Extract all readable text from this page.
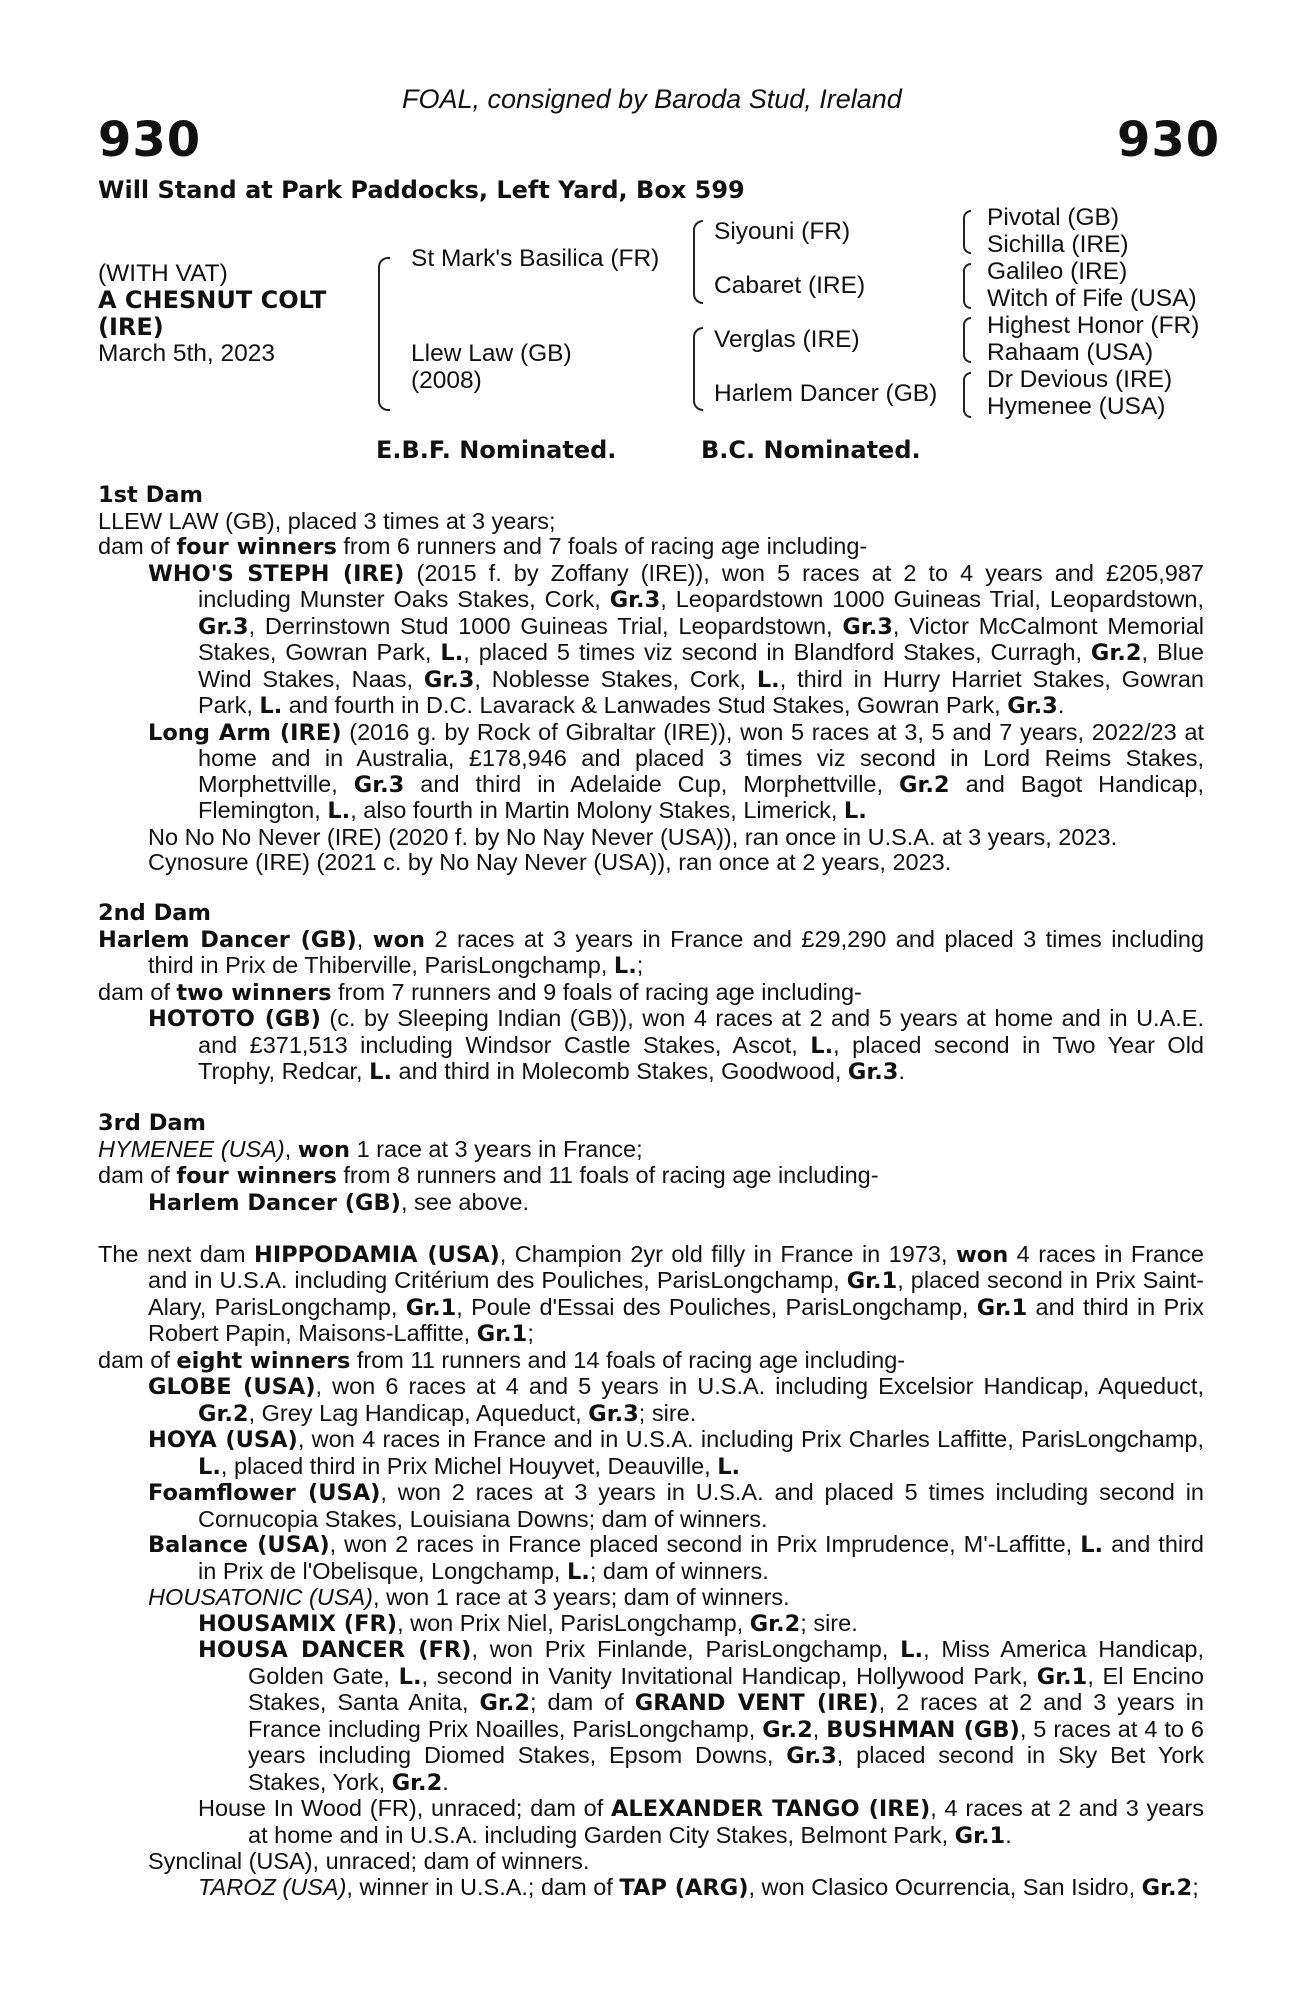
FOAL, consigned by Baroda Stud, Ireland
930	930
Will Stand at Park Paddocks, Left Yard, Box 599
(WITH VAT)
A CHESNUT COLT
(IRE)
March 5th, 2023
St Mark's Basilica (FR)
Llew Law (GB)
(2008)
Siyouni (FR)
Cabaret (IRE)
Verglas (IRE)
Harlem Dancer (GB)
Pivotal (GB)
Sichilla (IRE)
Galileo (IRE)
Witch of Fife (USA)
Highest Honor (FR)
Rahaam (USA)
Dr Devious (IRE)
Hymenee (USA)
E.B.F. Nominated.	B.C. Nominated.
1st Dam
LLEW LAW (GB), placed 3 times at 3 years;
dam of four winners from 6 runners and 7 foals of racing age including-
WHO'S STEPH (IRE) (2015 f. by Zoffany (IRE)), won 5 races at 2 to 4 years and £205,987 including Munster Oaks Stakes, Cork, Gr.3, Leopardstown 1000 Guineas Trial, Leopardstown, Gr.3, Derrinstown Stud 1000 Guineas Trial, Leopardstown, Gr.3, Victor McCalmont Memorial Stakes, Gowran Park, L., placed 5 times viz second in Blandford Stakes, Curragh, Gr.2, Blue Wind Stakes, Naas, Gr.3, Noblesse Stakes, Cork, L., third in Hurry Harriet Stakes, Gowran Park, L. and fourth in D.C. Lavarack & Lanwades Stud Stakes, Gowran Park, Gr.3.
Long Arm (IRE) (2016 g. by Rock of Gibraltar (IRE)), won 5 races at 3, 5 and 7 years, 2022/23 at home and in Australia, £178,946 and placed 3 times viz second in Lord Reims Stakes, Morphettville, Gr.3 and third in Adelaide Cup, Morphettville, Gr.2 and Bagot Handicap, Flemington, L., also fourth in Martin Molony Stakes, Limerick, L.
No No No Never (IRE) (2020 f. by No Nay Never (USA)), ran once in U.S.A. at 3 years, 2023.
Cynosure (IRE) (2021 c. by No Nay Never (USA)), ran once at 2 years, 2023.
2nd Dam
Harlem Dancer (GB), won 2 races at 3 years in France and £29,290 and placed 3 times including third in Prix de Thiberville, ParisLongchamp, L.;
dam of two winners from 7 runners and 9 foals of racing age including-
HOTOTO (GB) (c. by Sleeping Indian (GB)), won 4 races at 2 and 5 years at home and in U.A.E. and £371,513 including Windsor Castle Stakes, Ascot, L., placed second in Two Year Old Trophy, Redcar, L. and third in Molecomb Stakes, Goodwood, Gr.3.
3rd Dam
HYMENEE (USA), won 1 race at 3 years in France;
dam of four winners from 8 runners and 11 foals of racing age including-
Harlem Dancer (GB), see above.
The next dam HIPPODAMIA (USA), Champion 2yr old filly in France in 1973, won 4 races in France and in U.S.A. including Critérium des Pouliches, ParisLongchamp, Gr.1, placed second in Prix Saint-Alary, ParisLongchamp, Gr.1, Poule d'Essai des Pouliches, ParisLongchamp, Gr.1 and third in Prix Robert Papin, Maisons-Laffitte, Gr.1;
dam of eight winners from 11 runners and 14 foals of racing age including-
GLOBE (USA), won 6 races at 4 and 5 years in U.S.A. including Excelsior Handicap, Aqueduct, Gr.2, Grey Lag Handicap, Aqueduct, Gr.3; sire.
HOYA (USA), won 4 races in France and in U.S.A. including Prix Charles Laffitte, ParisLongchamp, L., placed third in Prix Michel Houyvet, Deauville, L.
Foamflower (USA), won 2 races at 3 years in U.S.A. and placed 5 times including second in Cornucopia Stakes, Louisiana Downs; dam of winners.
Balance (USA), won 2 races in France placed second in Prix Imprudence, M'-Laffitte, L. and third in Prix de l'Obelisque, Longchamp, L.; dam of winners.
HOUSATONIC (USA), won 1 race at 3 years; dam of winners.
HOUSAMIX (FR), won Prix Niel, ParisLongchamp, Gr.2; sire.
HOUSA DANCER (FR), won Prix Finlande, ParisLongchamp, L., Miss America Handicap, Golden Gate, L., second in Vanity Invitational Handicap, Hollywood Park, Gr.1, El Encino Stakes, Santa Anita, Gr.2; dam of GRAND VENT (IRE), 2 races at 2 and 3 years in France including Prix Noailles, ParisLongchamp, Gr.2, BUSHMAN (GB), 5 races at 4 to 6 years including Diomed Stakes, Epsom Downs, Gr.3, placed second in Sky Bet York Stakes, York, Gr.2.
House In Wood (FR), unraced; dam of ALEXANDER TANGO (IRE), 4 races at 2 and 3 years at home and in U.S.A. including Garden City Stakes, Belmont Park, Gr.1.
Synclinal (USA), unraced; dam of winners.
TAROZ (USA), winner in U.S.A.; dam of TAP (ARG), won Clasico Ocurrencia, San Isidro, Gr.2;
